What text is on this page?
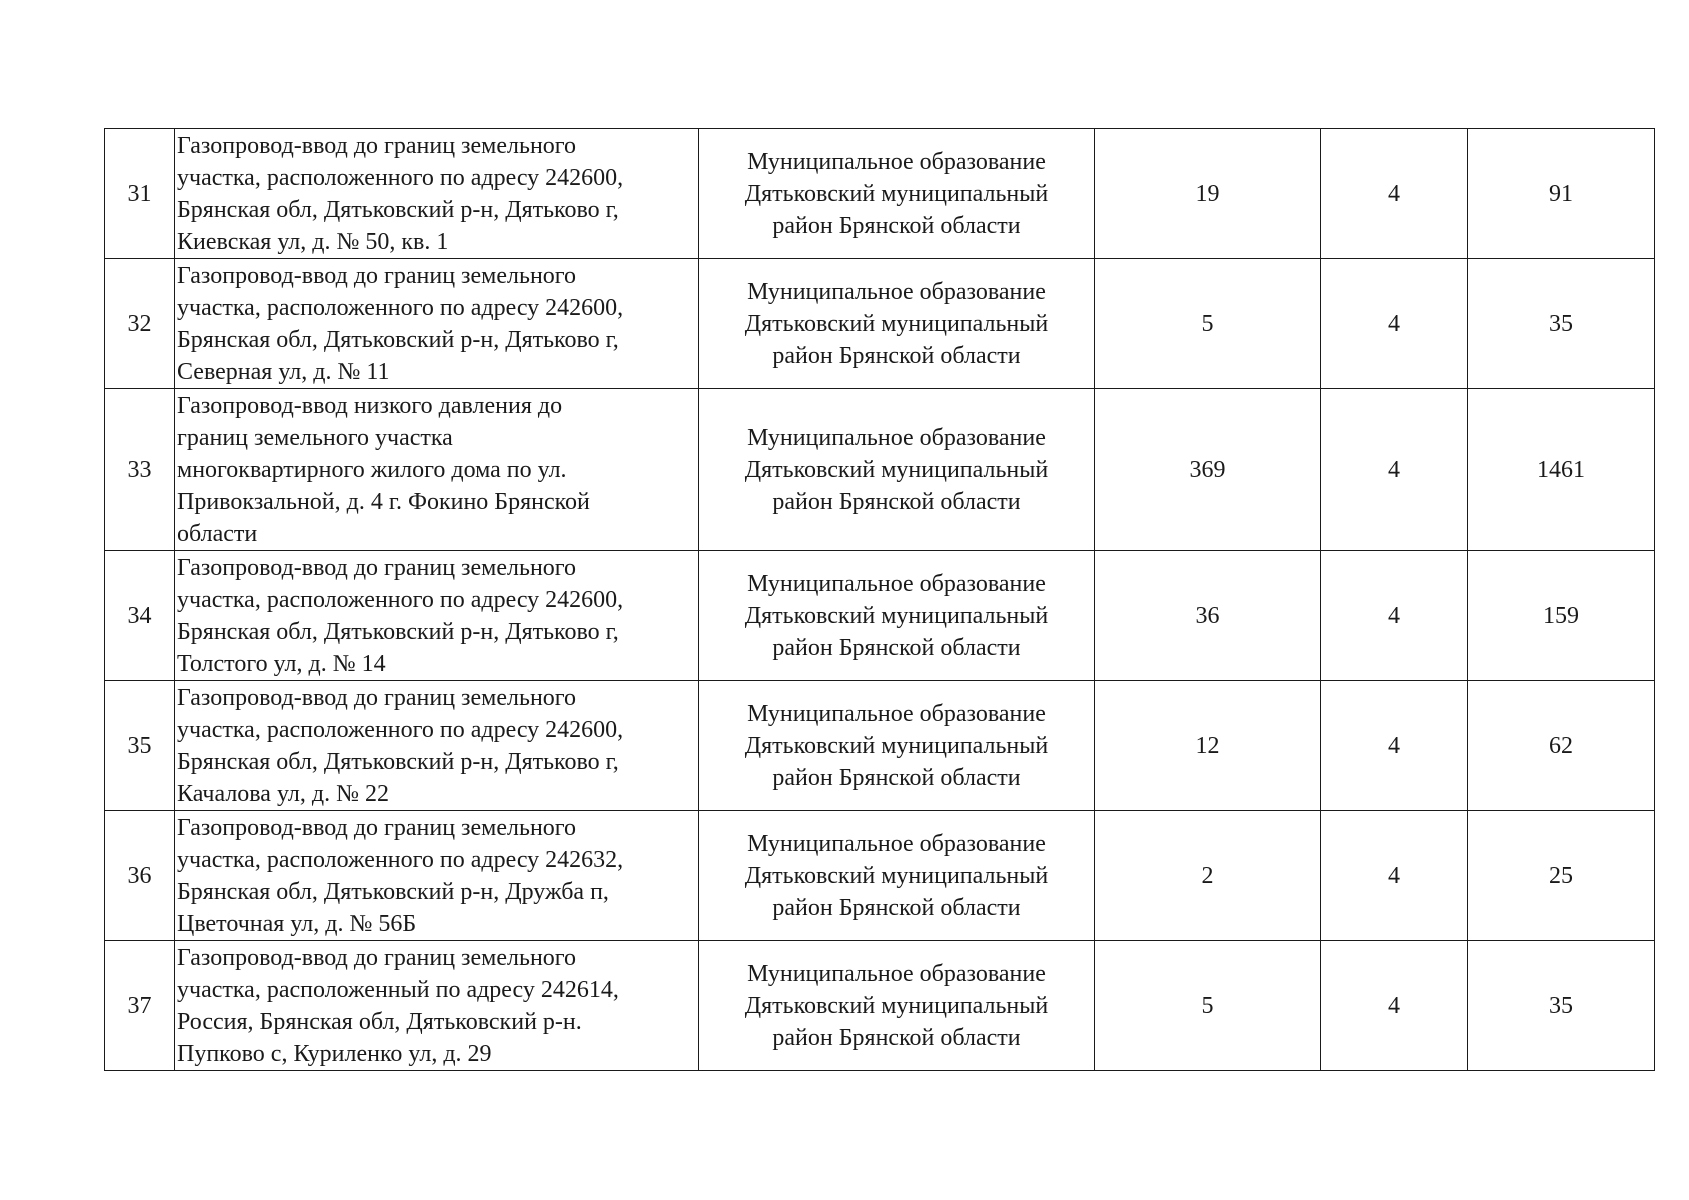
31	Газопровод-ввод до границ земельного
участка, расположенного по адресу 242600,
Брянская обл, Дятьковский р-н, Дятьково г,
Киевская ул, д. № 50, кв. 1	Муниципальное образование
Дятьковский муниципальный
район Брянской области	19	4	91
32	Газопровод-ввод до границ земельного
участка, расположенного по адресу 242600,
Брянская обл, Дятьковский р-н, Дятьково г,
Северная ул, д. № 11	Муниципальное образование
Дятьковский муниципальный
район Брянской области	5	4	35
33	Газопровод-ввод низкого давления до
границ земельного участка
многоквартирного жилого дома по ул.
Привокзальной, д. 4 г. Фокино Брянской
области	Муниципальное образование
Дятьковский муниципальный
район Брянской области	369	4	1461
34	Газопровод-ввод до границ земельного
участка, расположенного по адресу 242600,
Брянская обл, Дятьковский р-н, Дятьково г,
Толстого ул, д. № 14	Муниципальное образование
Дятьковский муниципальный
район Брянской области	36	4	159
35	Газопровод-ввод до границ земельного
участка, расположенного по адресу 242600,
Брянская обл, Дятьковский р-н, Дятьково г,
Качалова ул, д. № 22	Муниципальное образование
Дятьковский муниципальный
район Брянской области	12	4	62
36	Газопровод-ввод до границ земельного
участка, расположенного по адресу 242632,
Брянская обл, Дятьковский р-н, Дружба п,
Цветочная ул, д. № 56Б	Муниципальное образование
Дятьковский муниципальный
район Брянской области	2	4	25
37	Газопровод-ввод до границ земельного
участка, расположенный по адресу 242614,
Россия, Брянская обл, Дятьковский р-н.
Пупково с, Куриленко ул, д. 29	Муниципальное образование
Дятьковский муниципальный
район Брянской области	5	4	35
